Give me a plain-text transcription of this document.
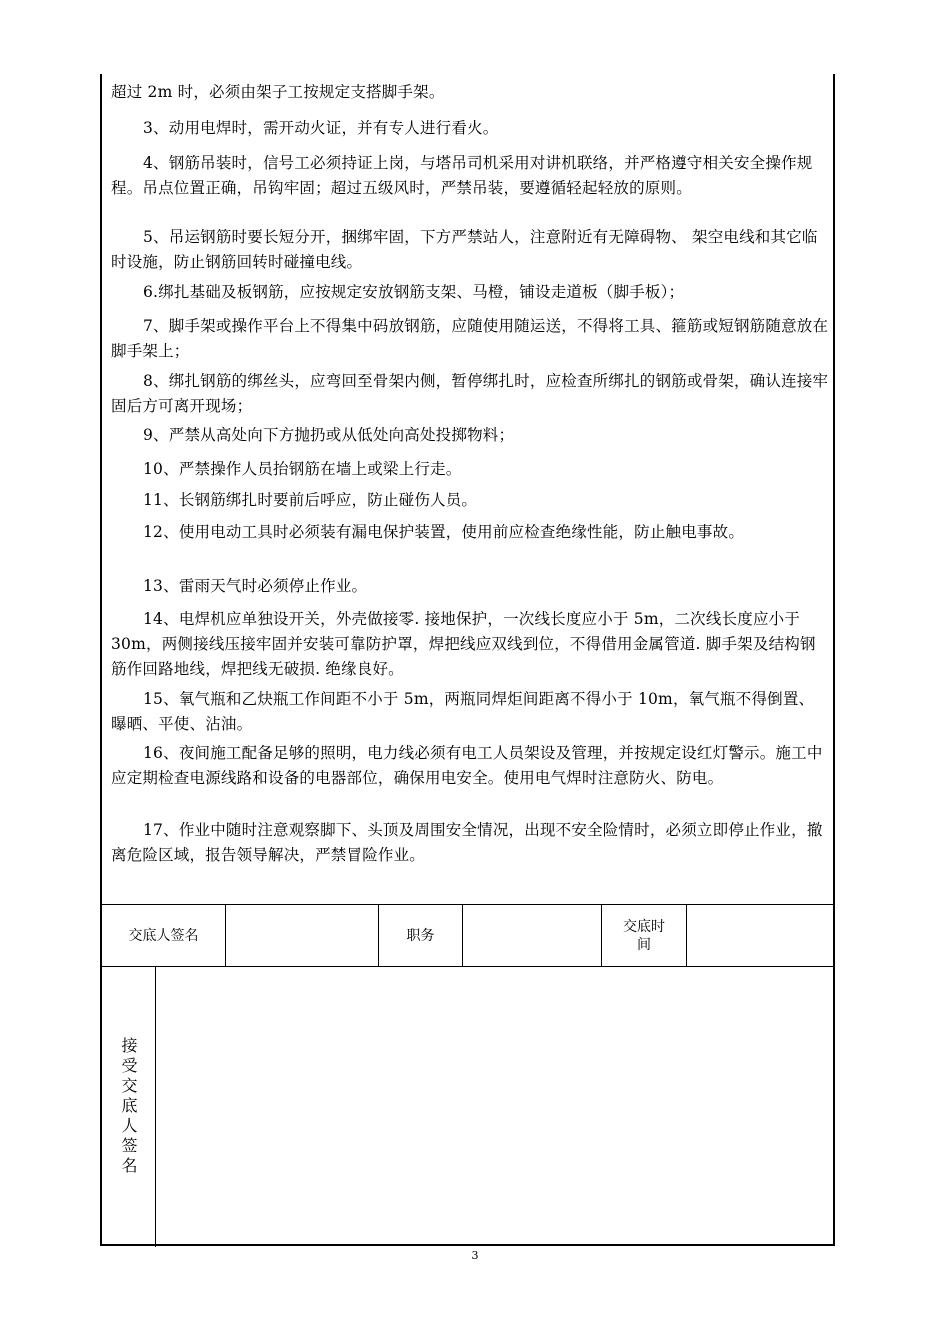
超过 2m 时，必须由架子工按规定支搭脚手架。

3、动用电焊时，需开动火证，并有专人进行看火。

4、钢筋吊装时，信号工必须持证上岗，与塔吊司机采用对讲机联络，并严格遵守相关安全操作规程。吊点位置正确，吊钩牢固；超过五级风时，严禁吊装，要遵循轻起轻放的原则。

5、吊运钢筋时要长短分开，捆绑牢固，下方严禁站人，注意附近有无障碍物、 架空电线和其它临时设施，防止钢筋回转时碰撞电线。

6.绑扎基础及板钢筋，应按规定安放钢筋支架、马橙，铺设走道板（脚手板）；

7、脚手架或操作平台上不得集中码放钢筋，应随使用随运送，不得将工具、箍筋或短钢筋随意放在脚手架上；

8、绑扎钢筋的绑丝头，应弯回至骨架内侧，暂停绑扎时，应检查所绑扎的钢筋或骨架，确认连接牢固后方可离开现场；

9、严禁从高处向下方抛扔或从低处向高处投掷物料；

10、严禁操作人员抬钢筋在墙上或梁上行走。

11、长钢筋绑扎时要前后呼应，防止碰伤人员。

12、使用电动工具时必须装有漏电保护装置，使用前应检查绝缘性能，防止触电事故。

13、雷雨天气时必须停止作业。

14、电焊机应单独设开关，外壳做接零. 接地保护，一次线长度应小于 5m，二次线长度应小于 30m，两侧接线压接牢固并安装可靠防护罩，焊把线应双线到位，不得借用金属管道. 脚手架及结构钢筋作回路地线，焊把线无破损. 绝缘良好。

15、氧气瓶和乙炔瓶工作间距不小于 5m，两瓶同焊炬间距离不得小于 10m，氧气瓶不得倒置、曝晒、平使、沾油。

16、夜间施工配备足够的照明，电力线必须有电工人员架设及管理，并按规定设红灯警示。施工中应定期检查电源线路和设备的电器部位，确保用电安全。使用电气焊时注意防火、防电。

17、作业中随时注意观察脚下、头顶及周围安全情况，出现不安全险情时，必须立即停止作业，撤离危险区域，报告领导解决，严禁冒险作业。

交底人签名	职务
交底时间
接受交底人签名
3
